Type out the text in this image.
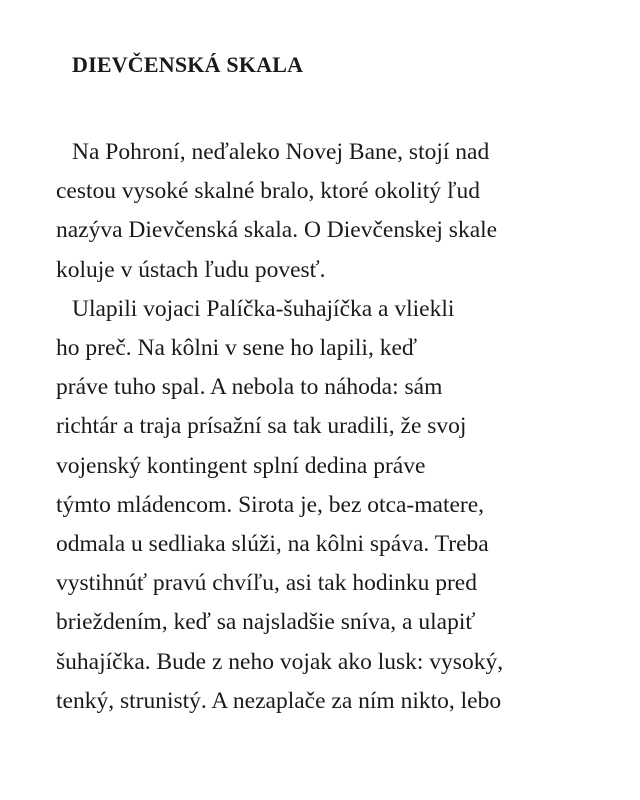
DIEVČENSKÁ SKALA
Na Pohroní, neďaleko Novej Bane, stojí nad
cestou vysoké skalné bralo, ktoré okolitý ľud
nazýva Dievčenská skala. O Dievčenskej skale
koluje v ústach ľudu povesť.
Ulapili vojaci Palíčka-šuhajíčka a vliekli
ho preč. Na kôlni v sene ho lapili, keď
práve tuho spal. A nebola to náhoda: sám
richtár a traja prísažní sa tak uradili, že svoj
vojenský kontingent splní dedina práve
týmto mládencom. Sirota je, bez otca-matere,
odmala u sedliaka slúži, na kôlni spáva. Treba
vystihnúť pravú chvíľu, asi tak hodinku pred
brieždením, keď sa najsladšie sníva, a ulapiť
šuhajíčka. Bude z neho vojak ako lusk: vysoký,
tenký, strunistý. A nezaplače za ním nikto, lebo
